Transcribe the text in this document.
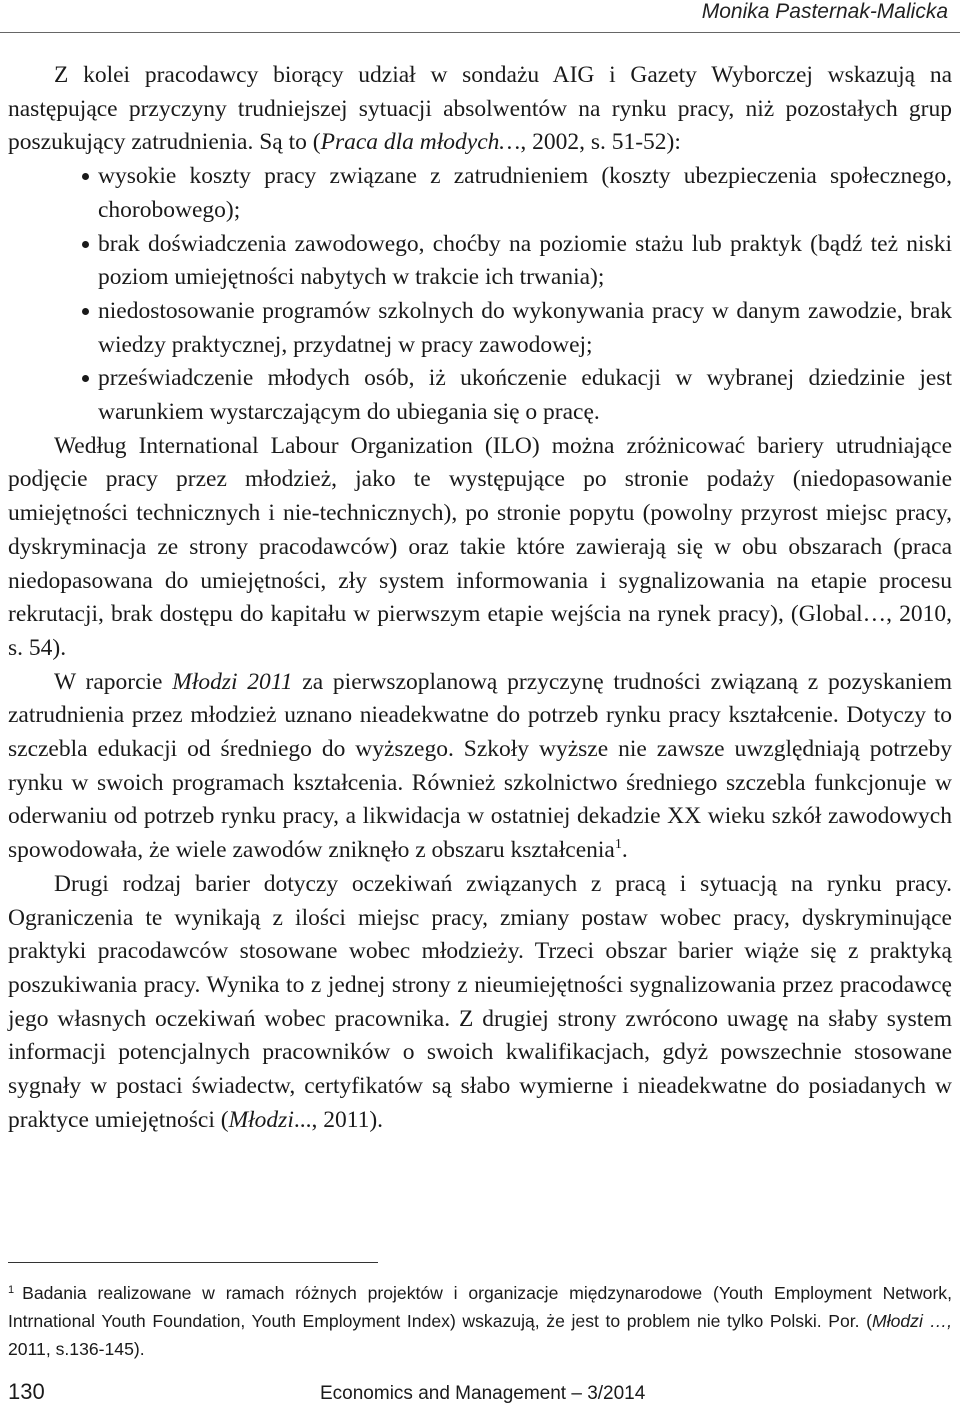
Monika Pasternak-Malicka

Z kolei pracodawcy biorący udział w sondażu AIG i Gazety Wyborczej wskazują na następujące przyczyny trudniejszej sytuacji absolwentów na rynku pracy, niż pozostałych grup poszukujący zatrudnienia. Są to (Praca dla młodych…, 2002, s. 51-52):

wysokie koszty pracy związane z zatrudnieniem (koszty ubezpieczenia społecznego, chorobowego);
brak doświadczenia zawodowego, choćby na poziomie stażu lub praktyk (bądź też niski poziom umiejętności nabytych w trakcie ich trwania);
niedostosowanie programów szkolnych do wykonywania pracy w danym zawodzie, brak wiedzy praktycznej, przydatnej w pracy zawodowej;
przeświadczenie młodych osób, iż ukończenie edukacji w wybranej dziedzinie jest warunkiem wystarczającym do ubiegania się o pracę.

Według International Labour Organization (ILO) można zróżnicować bariery utrudniające podjęcie pracy przez młodzież, jako te występujące po stronie podaży (niedopasowanie umiejętności technicznych i nie-technicznych), po stronie popytu (powolny przyrost miejsc pracy, dyskryminacja ze strony pracodawców) oraz takie które zawierają się w obu obszarach (praca niedopasowana do umiejętności, zły system informowania i sygnalizowania na etapie procesu rekrutacji, brak dostępu do kapitału w pierwszym etapie wejścia na rynek pracy), (Global…, 2010, s. 54).

W raporcie Młodzi 2011 za pierwszoplanową przyczynę trudności związaną z pozyskaniem zatrudnienia przez młodzież uznano nieadekwatne do potrzeb rynku pracy kształcenie. Dotyczy to szczebla edukacji od średniego do wyższego. Szkoły wyższe nie zawsze uwzględniają potrzeby rynku w swoich programach kształcenia. Również szkolnictwo średniego szczebla funkcjonuje w oderwaniu od potrzeb rynku pracy, a likwidacja w ostatniej dekadzie XX wieku szkół zawodowych spowodowała, że wiele zawodów zniknęło z obszaru kształcenia$^1$.

Drugi rodzaj barier dotyczy oczekiwań związanych z pracą i sytuacją na rynku pracy. Ograniczenia te wynikają z ilości miejsc pracy, zmiany postaw wobec pracy, dyskryminujące praktyki pracodawców stosowane wobec młodzieży. Trzeci obszar barier wiąże się z praktyką poszukiwania pracy. Wynika to z jednej strony z nieumiejętności sygnalizowania przez pracodawcę jego własnych oczekiwań wobec pracownika. Z drugiej strony zwrócono uwagę na słaby system informacji potencjalnych pracowników o swoich kwalifikacjach, gdyż powszechnie stosowane sygnały w postaci świadectw, certyfikatów są słabo wymierne i nieadekwatne do posiadanych w praktyce umiejętności (Młodzi..., 2011).

$^1$ Badania realizowane w ramach różnych projektów i organizacje międzynarodowe (Youth Employment Network, Intrnational Youth Foundation, Youth Employment Index) wskazują, że jest to problem nie tylko Polski. Por. (Młodzi …, 2011, s.136-145).
130	Economics and Management – 3/2014
